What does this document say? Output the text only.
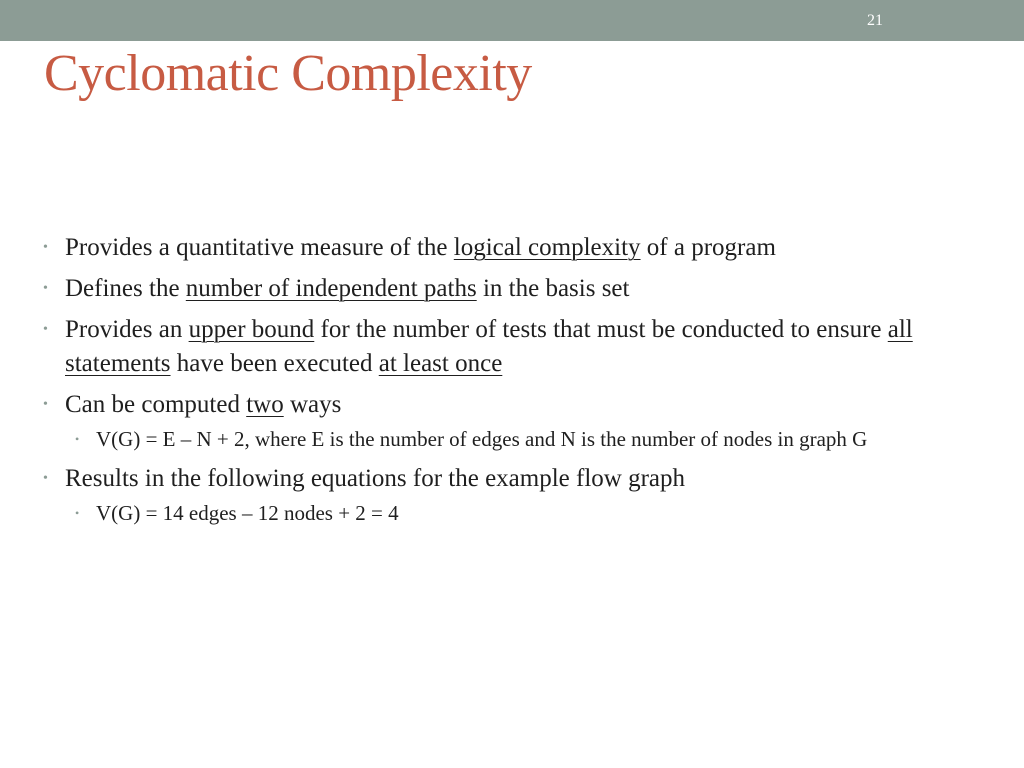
21
Cyclomatic Complexity
• Provides a quantitative measure of the logical complexity of a program
• Defines the number of independent paths in the basis set
• Provides an upper bound for the number of tests that must be conducted to ensure all statements have been executed at least once
• Can be computed two ways
• V(G) = E – N + 2, where E is the number of edges and N is the number of nodes in graph G
• Results in the following equations for the example flow graph
• V(G) = 14 edges – 12 nodes + 2 = 4
